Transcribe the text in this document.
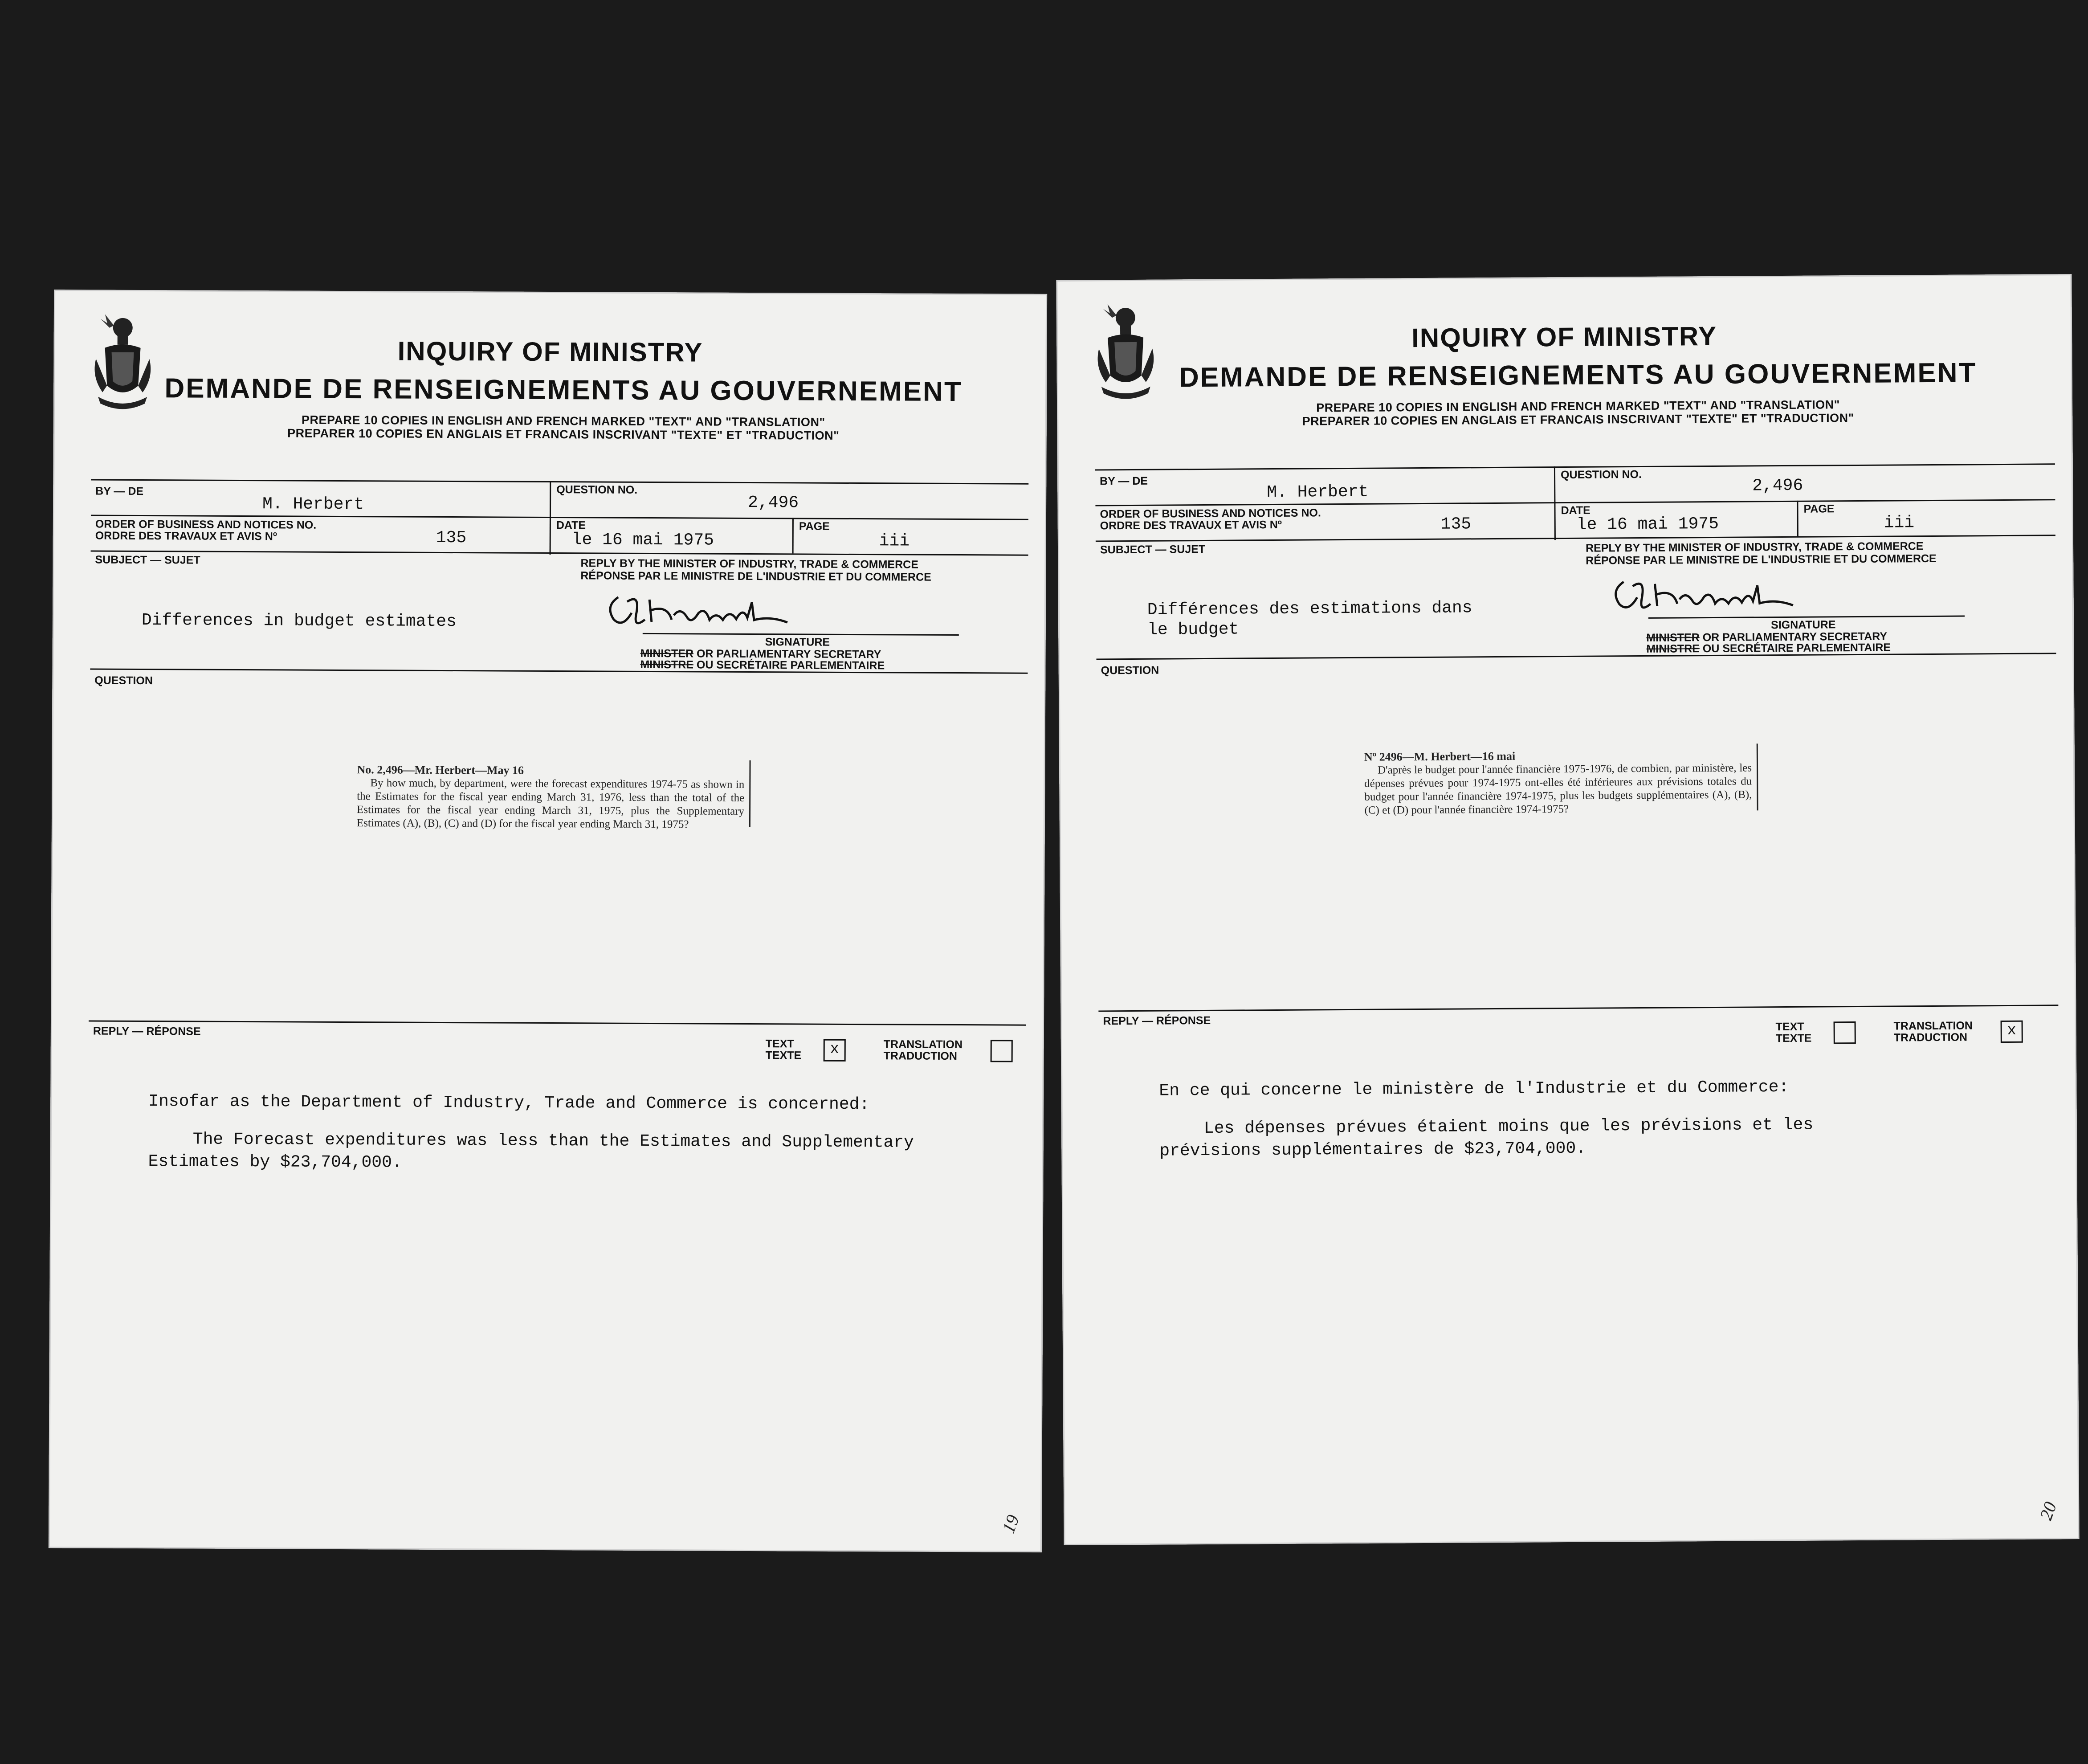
INQUIRY OF MINISTRY
DEMANDE DE RENSEIGNEMENTS AU GOUVERNEMENT
PREPARE 10 COPIES IN ENGLISH AND FRENCH MARKED "TEXT" AND "TRANSLATION"
PREPARER 10 COPIES EN ANGLAIS ET FRANCAIS INSCRIVANT "TEXTE" ET "TRADUCTION"
BY — DE
M. Herbert
QUESTION NO.
2,496
ORDER OF BUSINESS AND NOTICES NO.
ORDRE DES TRAVAUX ET AVIS Nº	135
DATE
le 16 mai 1975
PAGE
iii
SUBJECT — SUJET	REPLY BY THE MINISTER OF INDUSTRY, TRADE & COMMERCE
RÉPONSE PAR LE MINISTRE DE L'INDUSTRIE ET DU COMMERCE
Differences in budget estimates
SIGNATURE
MINISTER OR PARLIAMENTARY SECRETARY
MINISTRE OU SECRÉTAIRE PARLEMENTAIRE
QUESTION
No. 2,496—Mr. Herbert—May 16
By how much, by department, were the forecast expenditures 1974-75 as shown in the Estimates for the fiscal year ending March 31, 1976, less than the total of the Estimates for the fiscal year ending March 31, 1975, plus the Supplementary Estimates (A), (B), (C) and (D) for the fiscal year ending March 31, 1975?
REPLY — RÉPONSE
TEXT
TEXTE	x	TRANSLATION
TRADUCTION
Insofar as the Department of Industry, Trade and Commerce is concerned:
The Forecast expenditures was less than the Estimates and Supplementary
Estimates by $23,704,000.
19
INQUIRY OF MINISTRY
DEMANDE DE RENSEIGNEMENTS AU GOUVERNEMENT
PREPARE 10 COPIES IN ENGLISH AND FRENCH MARKED "TEXT" AND "TRANSLATION"
PREPARER 10 COPIES EN ANGLAIS ET FRANCAIS INSCRIVANT "TEXTE" ET "TRADUCTION"
BY — DE
M. Herbert
QUESTION NO.
2,496
ORDER OF BUSINESS AND NOTICES NO.
ORDRE DES TRAVAUX ET AVIS Nº	135
DATE
le 16 mai 1975
PAGE
iii
SUBJECT — SUJET	REPLY BY THE MINISTER OF INDUSTRY, TRADE & COMMERCE
RÉPONSE PAR LE MINISTRE DE L'INDUSTRIE ET DU COMMERCE
Différences des estimations dans
le budget	SIGNATURE
MINISTER OR PARLIAMENTARY SECRETARY
MINISTRE OU SECRÉTAIRE PARLEMENTAIRE
QUESTION
Nº 2496—M. Herbert—16 mai
D'après le budget pour l'année financière 1975-1976, de combien, par ministère, les dépenses prévues pour 1974-1975 ont-elles été inférieures aux prévisions totales du budget pour l'année financière 1974-1975, plus les budgets supplémentaires (A), (B), (C) et (D) pour l'année financière 1974-1975?
REPLY — RÉPONSE	TEXT
TEXTE
TRANSLATION
TRADUCTION	x
En ce qui concerne le ministère de l'Industrie et du Commerce:
Les dépenses prévues étaient moins que les prévisions et les
prévisions supplémentaires de $23,704,000.
20
